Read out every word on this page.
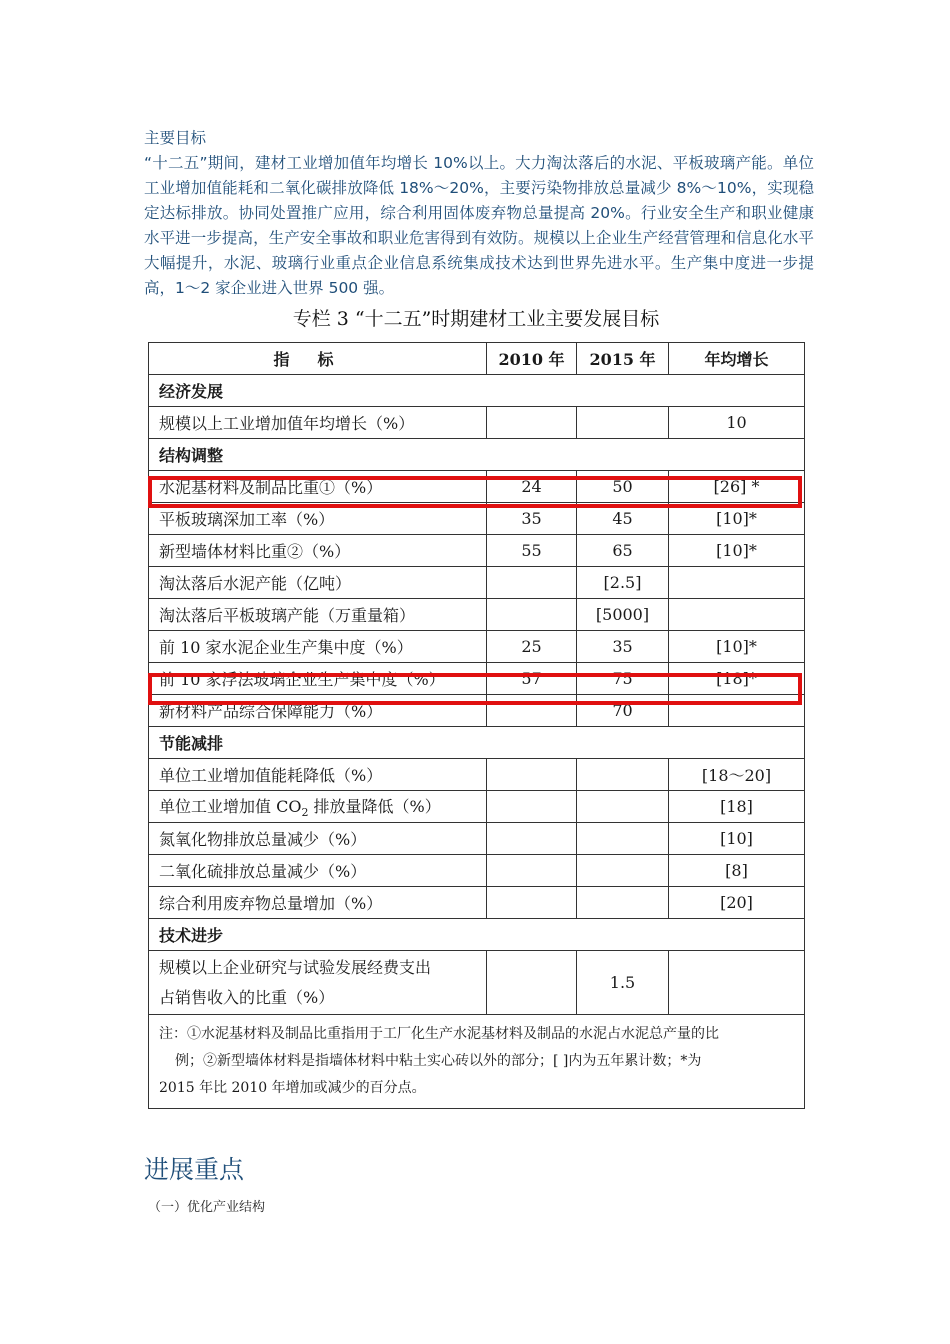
主要目标

“十二五”期间，建材工业增加值年均增长 10%以上。大力淘汰落后的水泥、平板玻璃产能。单位工业增加值能耗和二氧化碳排放降低 18%～20%，主要污染物排放总量减少 8%～10%，实现稳定达标排放。协同处置推广应用，综合利用固体废弃物总量提高 20%。行业安全生产和职业健康水平进一步提高，生产安全事故和职业危害得到有效防。规模以上企业生产经营管理和信息化水平大幅提升，水泥、玻璃行业重点企业信息系统集成技术达到世界先进水平。生产集中度进一步提高，1～2 家企业进入世界 500 强。

专栏 3 “十二五”时期建材工业主要发展目标
指标	2010 年	2015 年	年均增长
经济发展			
规模以上工业增加值年均增长（%）			10
结构调整			
水泥基材料及制品比重①（%）	24	50	[26] *
平板玻璃深加工率（%）	35	45	[10]*
新型墙体材料比重②（%）	55	65	[10]*
淘汰落后水泥产能（亿吨）		[2.5]	
淘汰落后平板玻璃产能（万重量箱）		[5000]	
前 10 家水泥企业生产集中度（%）	25	35	[10]*
前 10 家浮法玻璃企业生产集中度（%）	57	75	[18]*
新材料产品综合保障能力（%）		70	
节能减排			
单位工业增加值能耗降低（%）			[18～20]
单位工业增加值 $CO_2$ 排放量降低（%）			[18]
氮氧化物排放总量减少（%）			[10]
二氧化硫排放总量减少（%）			[8]
综合利用废弃物总量增加（%）			[20]
技术进步			
规模以上企业研究与试验发展经费支出
占销售收入的比重（%）		1.5	
注：①水泥基材料及制品比重指用于工厂化生产水泥基材料及制品的水泥占水泥总产量的比
例；②新型墙体材料是指墙体材料中粘土实心砖以外的部分；[ ]内为五年累计数；*为
2015 年比 2010 年增加或减少的百分点。			
进展重点
（一）优化产业结构
